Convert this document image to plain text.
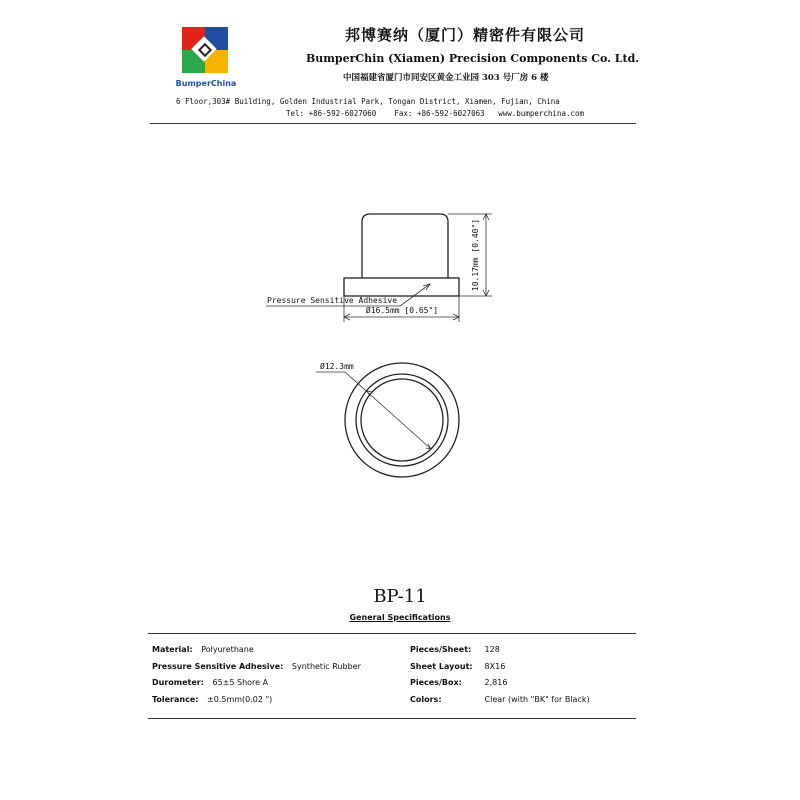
BumperChina
邦博赛纳（厦门）精密件有限公司
BumperChin (Xiamen) Precision Components Co. Ltd.
中国福建省厦门市同安区黄金工业园 303 号厂房 6 楼
6 Floor,303# Building, Golden Industrial Park, Tongan District, Xiamen, Fujian, China
Tel: +86-592-6027060    Fax: +86-592-6027063   www.bumperchina.com
10.17mm [0.40"]
Ø16.5mm [0.65"]
Pressure Sensitive Adhesive
Ø12.3mm
BP-11
General Specifications
Material: Polyurethane
Pressure Sensitive Adhesive: Synthetic Rubber
Durometer: 65±5 Shore A
Tolerance: ±0.5mm(0.02 ")
Pieces/Sheet: 128
Sheet Layout: 8X16
Pieces/Box:	2,816
Colors:	Clear (with "BK" for Black)
